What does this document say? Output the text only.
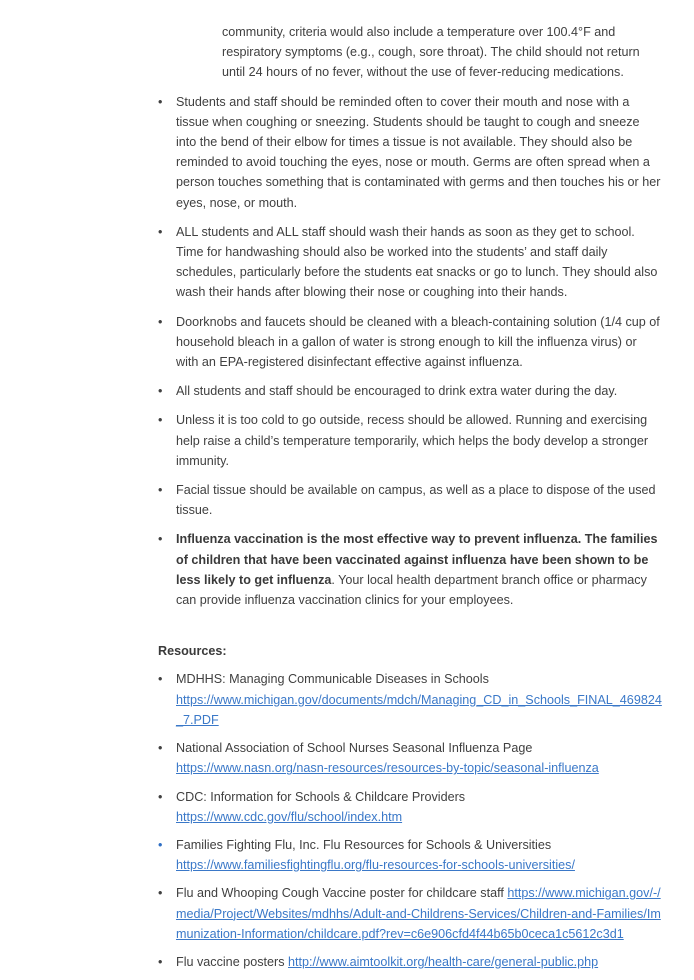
community, criteria would also include a temperature over 100.4°F and respiratory symptoms (e.g., cough, sore throat). The child should not return until 24 hours of no fever, without the use of fever-reducing medications.

•	Students and staff should be reminded often to cover their mouth and nose with a tissue when coughing or sneezing. Students should be taught to cough and sneeze into the bend of their elbow for times a tissue is not available. They should also be reminded to avoid touching the eyes, nose or mouth. Germs are often spread when a person touches something that is contaminated with germs and then touches his or her eyes, nose, or mouth.
•	ALL students and ALL staff should wash their hands as soon as they get to school. Time for handwashing should also be worked into the students’ and staff daily schedules, particularly before the students eat snacks or go to lunch. They should also wash their hands after blowing their nose or coughing into their hands.
•	Doorknobs and faucets should be cleaned with a bleach-containing solution (1/4 cup of household bleach in a gallon of water is strong enough to kill the influenza virus) or with an EPA-registered disinfectant effective against influenza.
•	All students and staff should be encouraged to drink extra water during the day.
•	Unless it is too cold to go outside, recess should be allowed. Running and exercising help raise a child’s temperature temporarily, which helps the body develop a stronger immunity.
•	Facial tissue should be available on campus, as well as a place to dispose of the used tissue.
•	Influenza vaccination is the most effective way to prevent influenza. The families of children that have been vaccinated against influenza have been shown to be less likely to get influenza. Your local health department branch office or pharmacy can provide influenza vaccination clinics for your employees.
Resources:
•	MDHHS: Managing Communicable Diseases in Schools
https://www.michigan.gov/documents/mdch/Managing_CD_in_Schools_FINAL_469824_7.PDF
•	National Association of School Nurses Seasonal Influenza Page
https://www.nasn.org/nasn-resources/resources-by-topic/seasonal-influenza
•	CDC: Information for Schools & Childcare Providers
https://www.cdc.gov/flu/school/index.htm
•	Families Fighting Flu, Inc. Flu Resources for Schools & Universities
https://www.familiesfightingflu.org/flu-resources-for-schools-universities/
•	Flu and Whooping Cough Vaccine poster for childcare staff https://www.michigan.gov/-/media/Project/Websites/mdhhs/Adult-and-Childrens-Services/Children-and-Families/Immunization-Information/childcare.pdf?rev=c6e906cfd4f44b65b0ceca1c5612c3d1
•	Flu vaccine posters http://www.aimtoolkit.org/health-care/general-public.php
